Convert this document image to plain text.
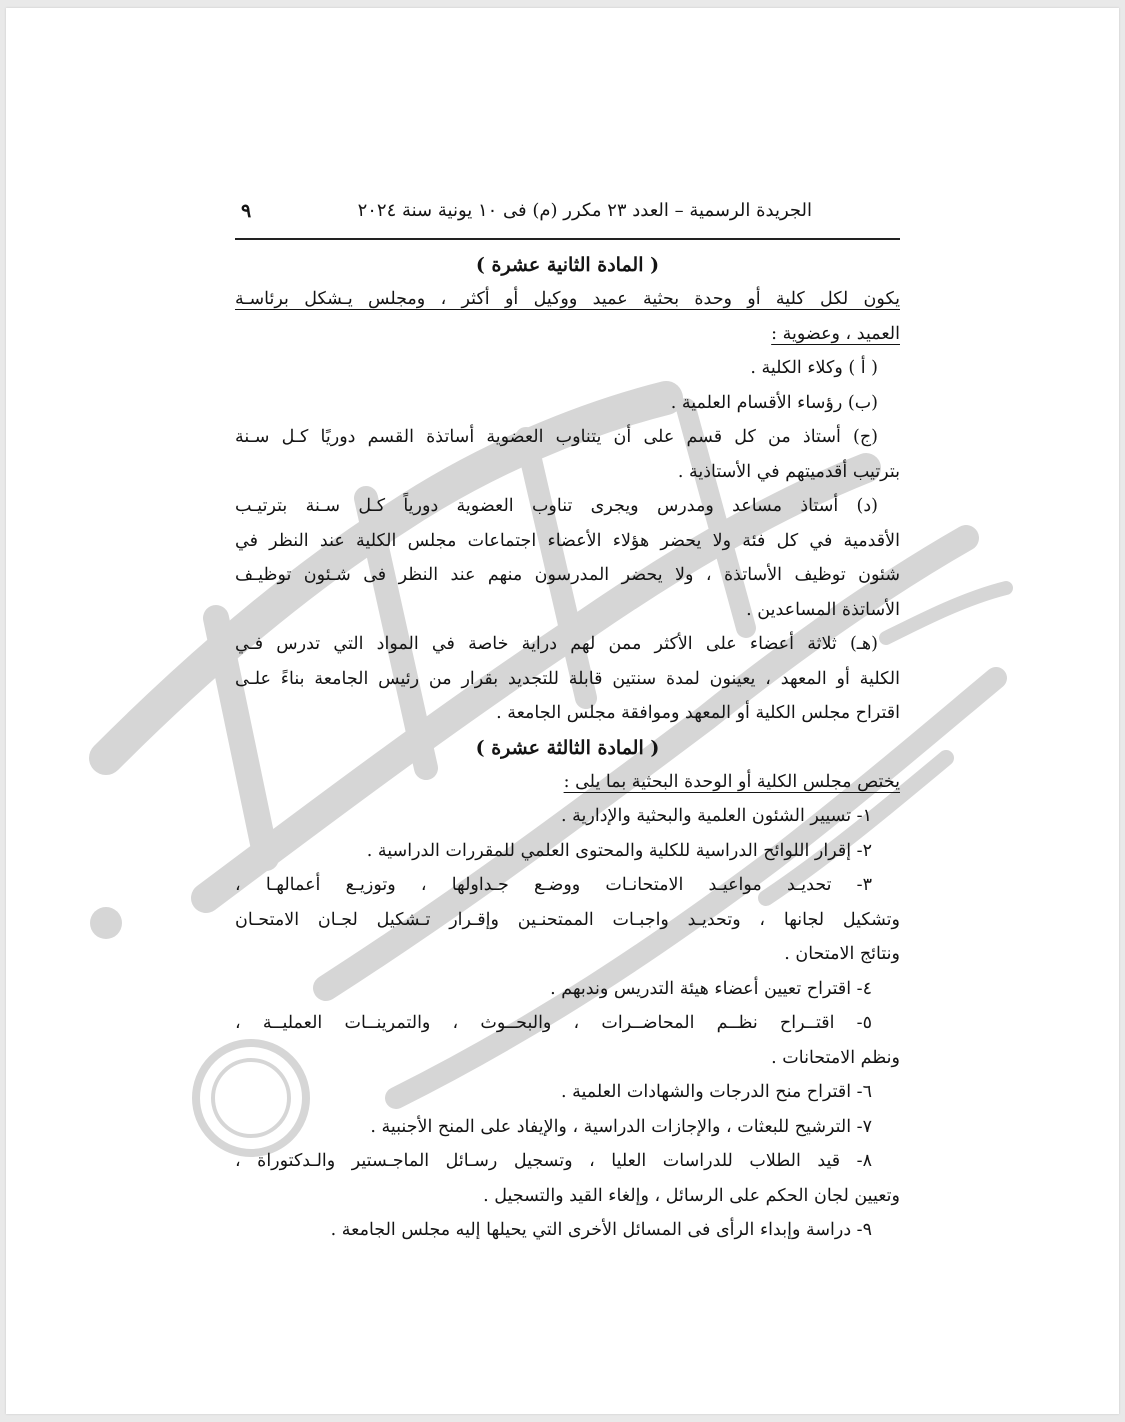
الجريدة الرسمية – العدد ٢٣ مكرر (م) فى ١٠ يونية سنة ٢٠٢٤
٩
( المادة الثانية عشرة )
يكون لكل كلية أو وحدة بحثية عميد ووكيل أو أكثر ، ومجلس يـشكل برئاسـة
العميد ، وعضوية :
( أ ) وكلاء الكلية .
(ب) رؤساء الأقسام العلمية .
(ج) أستاذ من كل قسم على أن يتناوب العضوية أساتذة القسم دوريًا كـل سـنة
بترتيب أقدميتهم في الأستاذية .
(د) أستاذ مساعد ومدرس ويجرى تناوب العضوية دورياً كـل سـنة بترتيـب
الأقدمية في كل فئة ولا يحضر هؤلاء الأعضاء اجتماعات مجلس الكلية عند النظر في
شئون توظيف الأساتذة ، ولا يحضر المدرسون منهم عند النظر فى شـئون توظيـف
الأساتذة المساعدين .
(هـ) ثلاثة أعضاء على الأكثر ممن لهم دراية خاصة في المواد التي تدرس فـي
الكلية أو المعهد ، يعينون لمدة سنتين قابلة للتجديد بقرار من رئيس الجامعة بناءً علـى
اقتراح مجلس الكلية أو المعهد وموافقة مجلس الجامعة .
( المادة الثالثة عشرة )
يختص مجلس الكلية أو الوحدة البحثية بما يلى :
١- تسيير الشئون العلمية والبحثية والإدارية .
٢- إقرار اللوائح الدراسية للكلية والمحتوى العلمي للمقررات الدراسية .
٣- تحديـد مواعيـد الامتحانـات ووضـع جـداولها ، وتوزيـع أعمالهـا ،
وتشكيل لجانها ، وتحديـد واجبـات الممتحنـين وإقـرار تـشكيل لجـان الامتحـان
ونتائج الامتحان .
٤- اقتراح تعيين أعضاء هيئة التدريس وندبهم .
٥- اقتــراح نظــم المحاضــرات ، والبحــوث ، والتمرينــات العمليــة ،
ونظم الامتحانات .
٦- اقتراح منح الدرجات والشهادات العلمية .
٧- الترشيح للبعثات ، والإجازات الدراسية ، والإيفاد على المنح الأجنبية .
٨- قيد الطلاب للدراسات العليا ، وتسجيل رسـائل الماجـستير والـدكتوراة ،
وتعيين لجان الحكم على الرسائل ، وإلغاء القيد والتسجيل .
٩- دراسة وإبداء الرأى فى المسائل الأخرى التي يحيلها إليه مجلس الجامعة .
